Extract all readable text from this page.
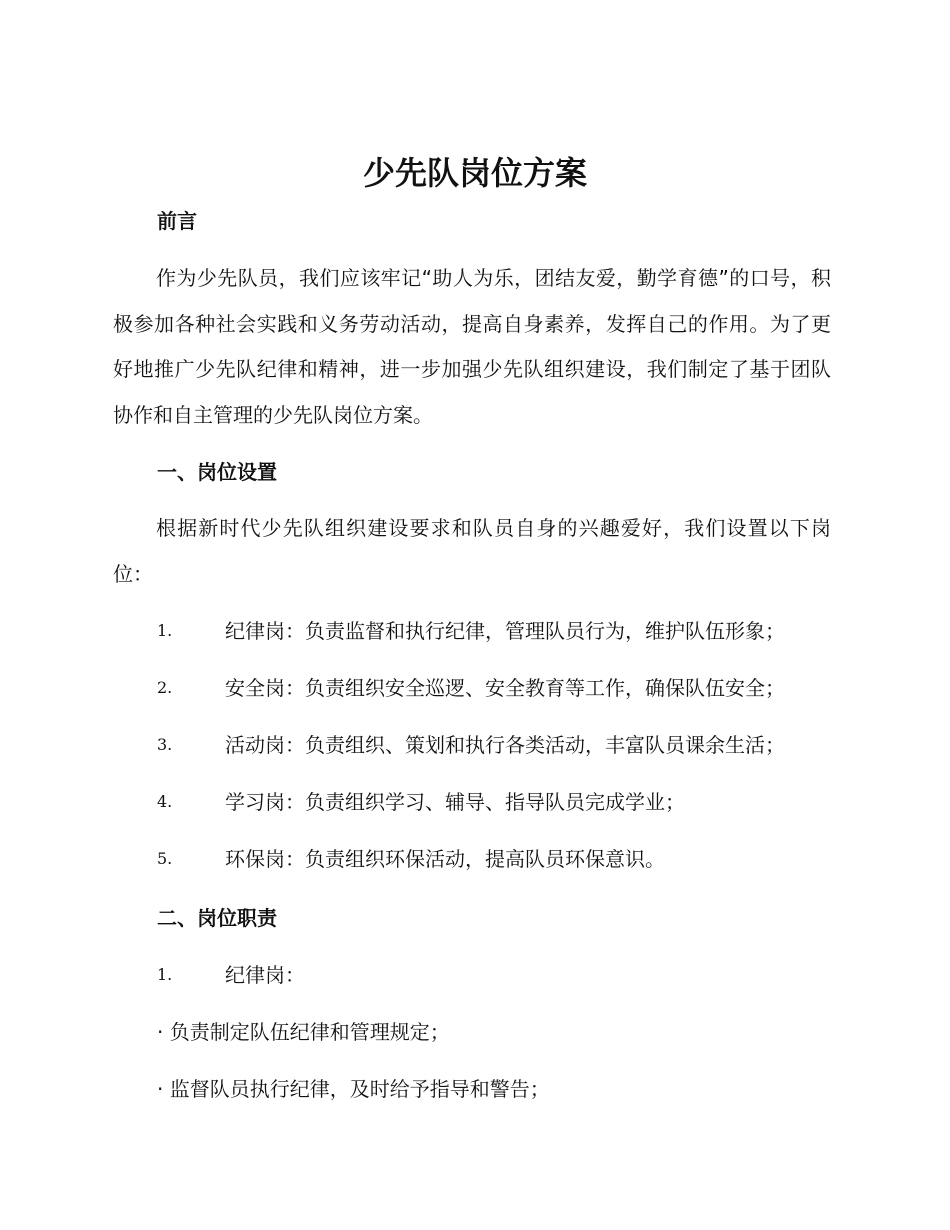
少先队岗位方案
前言

作为少先队员，我们应该牢记“助人为乐，团结友爱，勤学育德”的口号，积极参加各种社会实践和义务劳动活动，提高自身素养，发挥自己的作用。为了更好地推广少先队纪律和精神，进一步加强少先队组织建设，我们制定了基于团队协作和自主管理的少先队岗位方案。

一、岗位设置

根据新时代少先队组织建设要求和队员自身的兴趣爱好，我们设置以下岗位：

1.	纪律岗：负责监督和执行纪律，管理队员行为，维护队伍形象；
2.	安全岗：负责组织安全巡逻、安全教育等工作，确保队伍安全；
3.	活动岗：负责组织、策划和执行各类活动，丰富队员课余生活；
4.	学习岗：负责组织学习、辅导、指导队员完成学业；
5.	环保岗：负责组织环保活动，提高队员环保意识。
二、岗位职责
1.	纪律岗：
· 负责制定队伍纪律和管理规定；
· 监督队员执行纪律，及时给予指导和警告；
